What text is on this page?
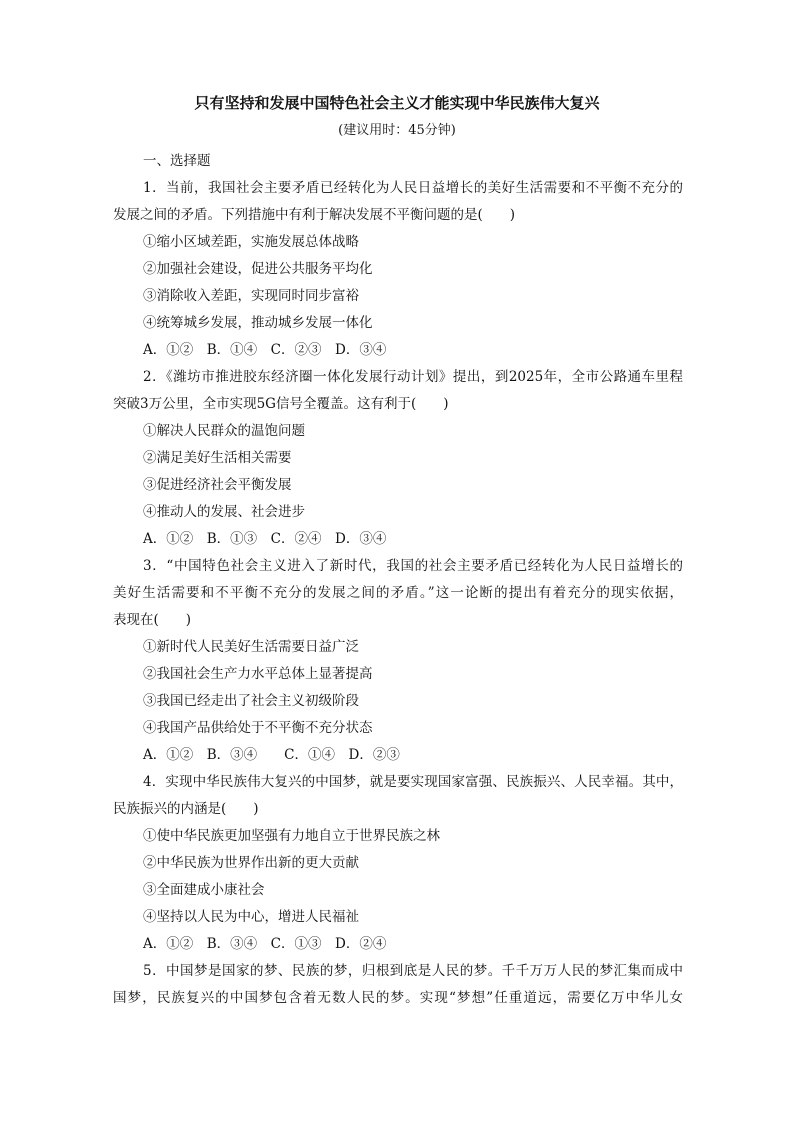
只有坚持和发展中国特色社会主义才能实现中华民族伟大复兴
(建议用时：45分钟)
一、选择题
1．当前，我国社会主要矛盾已经转化为人民日益增长的美好生活需要和不平衡不充分的
发展之间的矛盾。下列措施中有利于解决发展不平衡问题的是(　　)
①缩小区域差距，实施发展总体战略
②加强社会建设，促进公共服务平均化
③消除收入差距，实现同时同步富裕
④统筹城乡发展，推动城乡发展一体化
A．①②　B．①④　C．②③　D．③④
2．《潍坊市推进胶东经济圈一体化发展行动计划》提出，到2025年，全市公路通车里程
突破3万公里，全市实现5G信号全覆盖。这有利于(　　)
①解决人民群众的温饱问题
②满足美好生活相关需要
③促进经济社会平衡发展
④推动人的发展、社会进步
A．①②　B．①③　C．②④　D．③④
3．“中国特色社会主义进入了新时代，我国的社会主要矛盾已经转化为人民日益增长的
美好生活需要和不平衡不充分的发展之间的矛盾。”这一论断的提出有着充分的现实依据，
表现在(　　)
①新时代人民美好生活需要日益广泛
②我国社会生产力水平总体上显著提高
③我国已经走出了社会主义初级阶段
④我国产品供给处于不平衡不充分状态
A．①②　B．③④　　C．①④　D．②③
4．实现中华民族伟大复兴的中国梦，就是要实现国家富强、民族振兴、人民幸福。其中，
民族振兴的内涵是(　　)
①使中华民族更加坚强有力地自立于世界民族之林
②中华民族为世界作出新的更大贡献
③全面建成小康社会
④坚持以人民为中心，增进人民福祉
A．①②　B．③④　C．①③　D．②④
5．中国梦是国家的梦、民族的梦，归根到底是人民的梦。千千万万人民的梦汇集而成中
国梦，民族复兴的中国梦包含着无数人民的梦。实现“梦想”任重道远，需要亿万中华儿女
